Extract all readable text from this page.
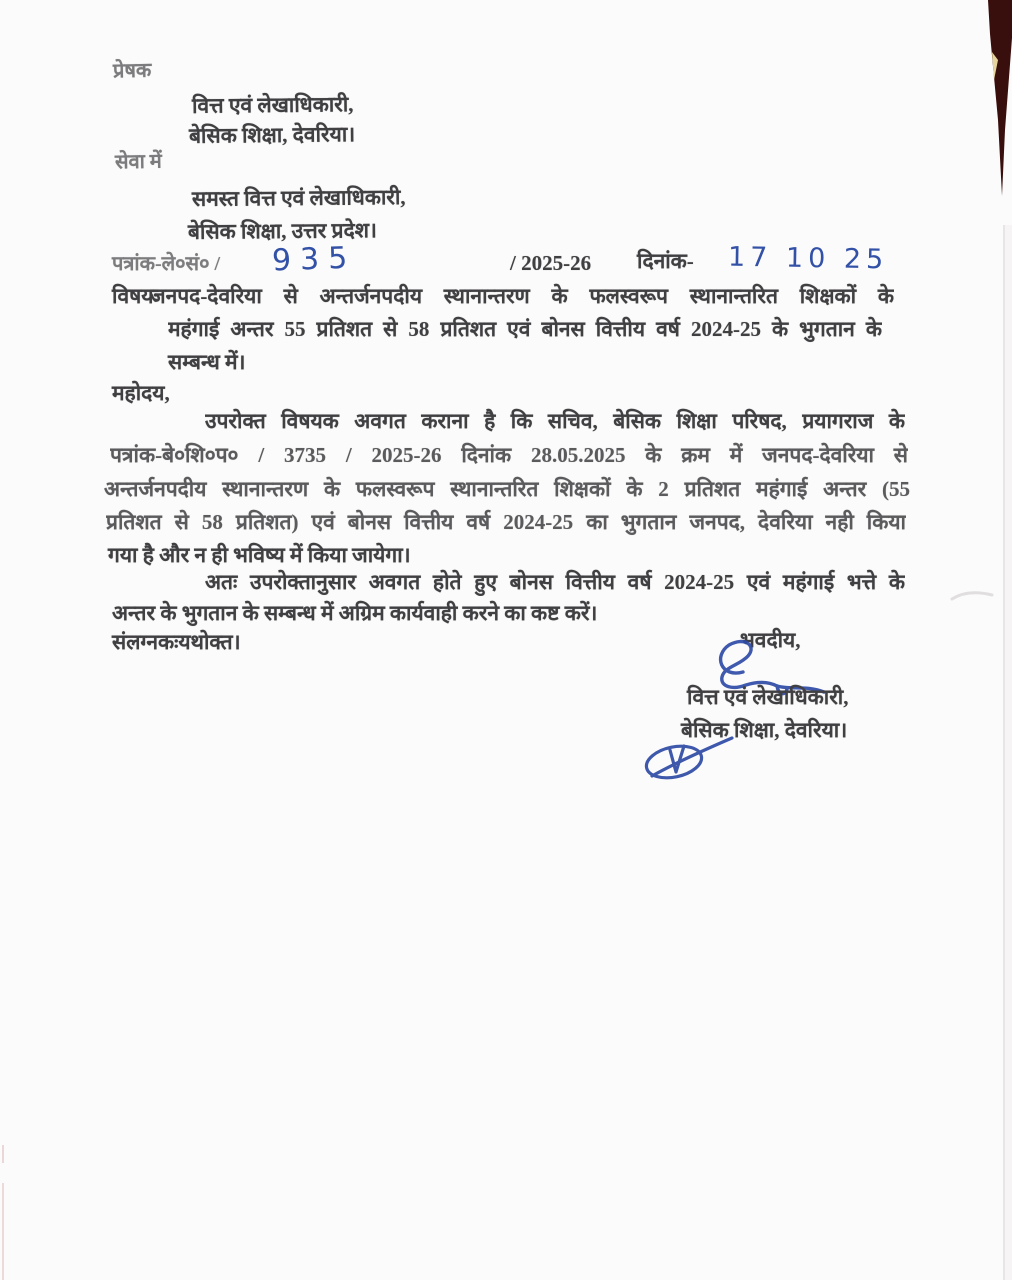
प्रेषक
वित्त एवं लेखाधिकारी,
बेसिक शिक्षा, देवरिया।
सेवा में
समस्त वित्त एवं लेखाधिकारी,
बेसिक शिक्षा, उत्तर प्रदेश।
पत्रांक-ले०सं० / 935	/ 2025-26 दिनांक- 17 10 25
विषयः
जनपद-देवरिया से अन्तर्जनपदीय स्थानान्तरण के फलस्वरूप स्थानान्तरित शिक्षकों के
महंगाई अन्तर 55 प्रतिशत से 58 प्रतिशत एवं बोनस वित्तीय वर्ष 2024-25 के भुगतान के
सम्बन्ध में।
महोदय,
उपरोक्त विषयक अवगत कराना है कि सचिव, बेसिक शिक्षा परिषद, प्रयागराज के
पत्रांक-बे०शि०प० / 3735 / 2025-26 दिनांक 28.05.2025 के क्रम में जनपद-देवरिया से
अन्तर्जनपदीय स्थानान्तरण के फलस्वरूप स्थानान्तरित शिक्षकों के 2 प्रतिशत महंगाई अन्तर (55
प्रतिशत से 58 प्रतिशत) एवं बोनस वित्तीय वर्ष 2024-25 का भुगतान जनपद, देवरिया नही किया
गया है और न ही भविष्य में किया जायेगा।
अतः उपरोक्तानुसार अवगत होते हुए बोनस वित्तीय वर्ष 2024-25 एवं महंगाई भत्ते के
अन्तर के भुगतान के सम्बन्ध में अग्रिम कार्यवाही करने का कष्ट करें।
संलग्नकःयथोक्त।	भवदीय,
वित्त एवं लेखाधिकारी,
बेसिक शिक्षा, देवरिया।
